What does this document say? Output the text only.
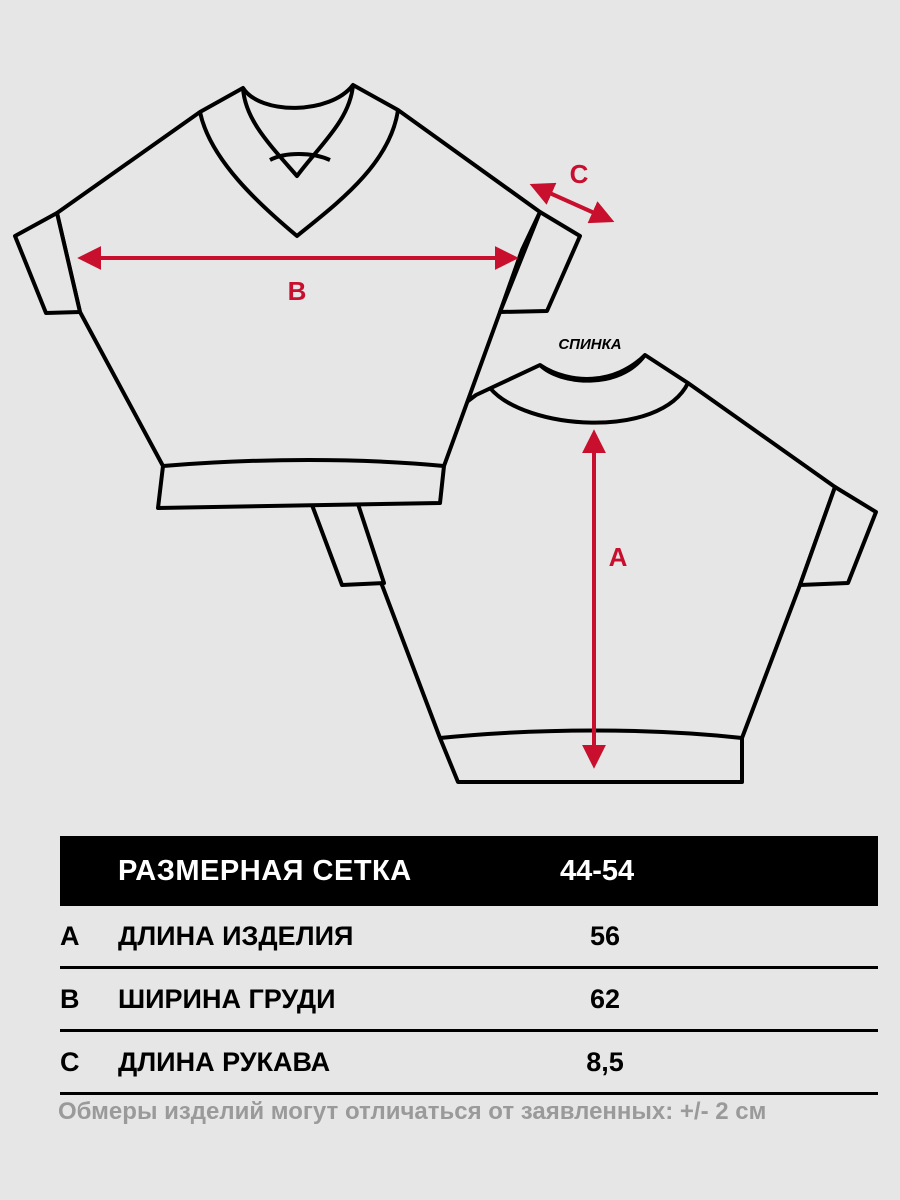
B
A
C
СПИНКА
РАЗМЕРНАЯ СЕТКА	44-54
A ДЛИНА ИЗДЕЛИЯ	56
B ШИРИНА ГРУДИ	62
C ДЛИНА РУКАВА	8,5
Обмеры изделий могут отличаться от заявленных: +/- 2 см
